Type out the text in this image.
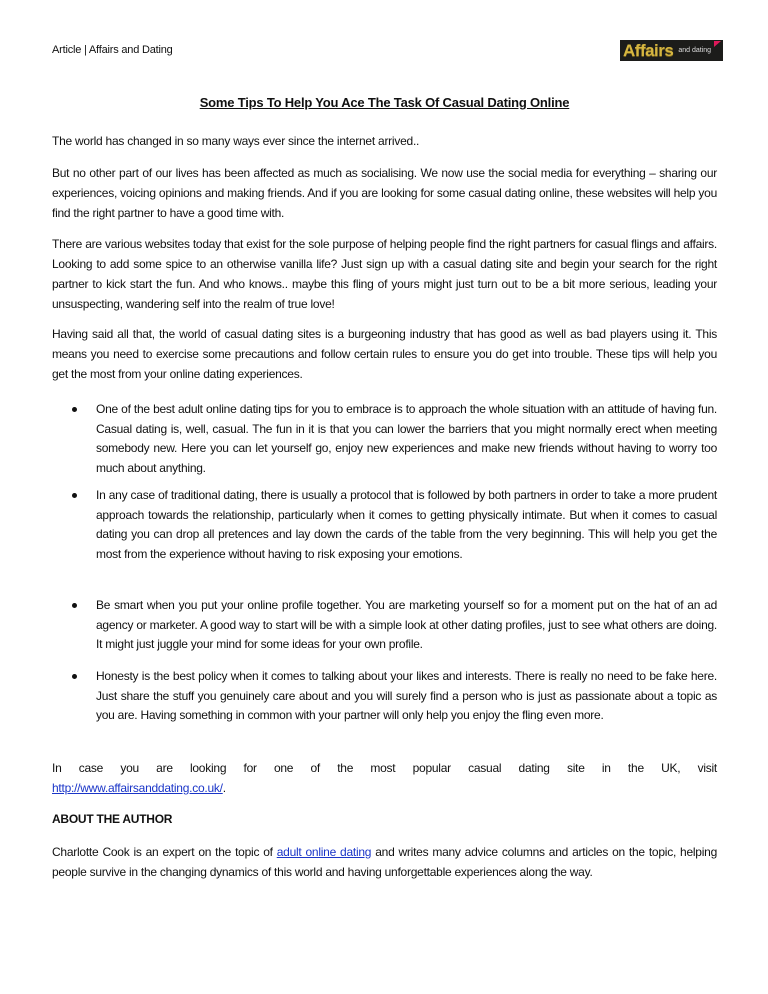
Article | Affairs and Dating	Affairs and dating
Some Tips To Help You Ace The Task Of Casual Dating Online
The world has changed in so many ways ever since the internet arrived..
But no other part of our lives has been affected as much as socialising. We now use the social media for everything – sharing our experiences, voicing opinions and making friends. And if you are looking for some casual dating online, these websites will help you find the right partner to have a good time with.
There are various websites today that exist for the sole purpose of helping people find the right partners for casual flings and affairs. Looking to add some spice to an otherwise vanilla life? Just sign up with a casual dating site and begin your search for the right partner to kick start the fun. And who knows.. maybe this fling of yours might just turn out to be a bit more serious, leading your unsuspecting, wandering self into the realm of true love!
Having said all that, the world of casual dating sites is a burgeoning industry that has good as well as bad players using it. This means you need to exercise some precautions and follow certain rules to ensure you do get into trouble. These tips will help you get the most from your online dating experiences.
One of the best adult online dating tips for you to embrace is to approach the whole situation with an attitude of having fun. Casual dating is, well, casual. The fun in it is that you can lower the barriers that you might normally erect when meeting somebody new. Here you can let yourself go, enjoy new experiences and make new friends without having to worry too much about anything.
In any case of traditional dating, there is usually a protocol that is followed by both partners in order to take a more prudent approach towards the relationship, particularly when it comes to getting physically intimate. But when it comes to casual dating you can drop all pretences and lay down the cards of the table from the very beginning. This will help you get the most from the experience without having to risk exposing your emotions.
Be smart when you put your online profile together. You are marketing yourself so for a moment put on the hat of an ad agency or marketer. A good way to start will be with a simple look at other dating profiles, just to see what others are doing. It might just juggle your mind for some ideas for your own profile.
Honesty is the best policy when it comes to talking about your likes and interests. There is really no need to be fake here. Just share the stuff you genuinely care about and you will surely find a person who is just as passionate about a topic as you are. Having something in common with your partner will only help you enjoy the fling even more.
In case you are looking for one of the most popular casual dating site in the UK, visit
http://www.affairsanddating.co.uk/.
ABOUT THE AUTHOR
Charlotte Cook is an expert on the topic of adult online dating and writes many advice columns and articles on the topic, helping people survive in the changing dynamics of this world and having unforgettable experiences along the way.
